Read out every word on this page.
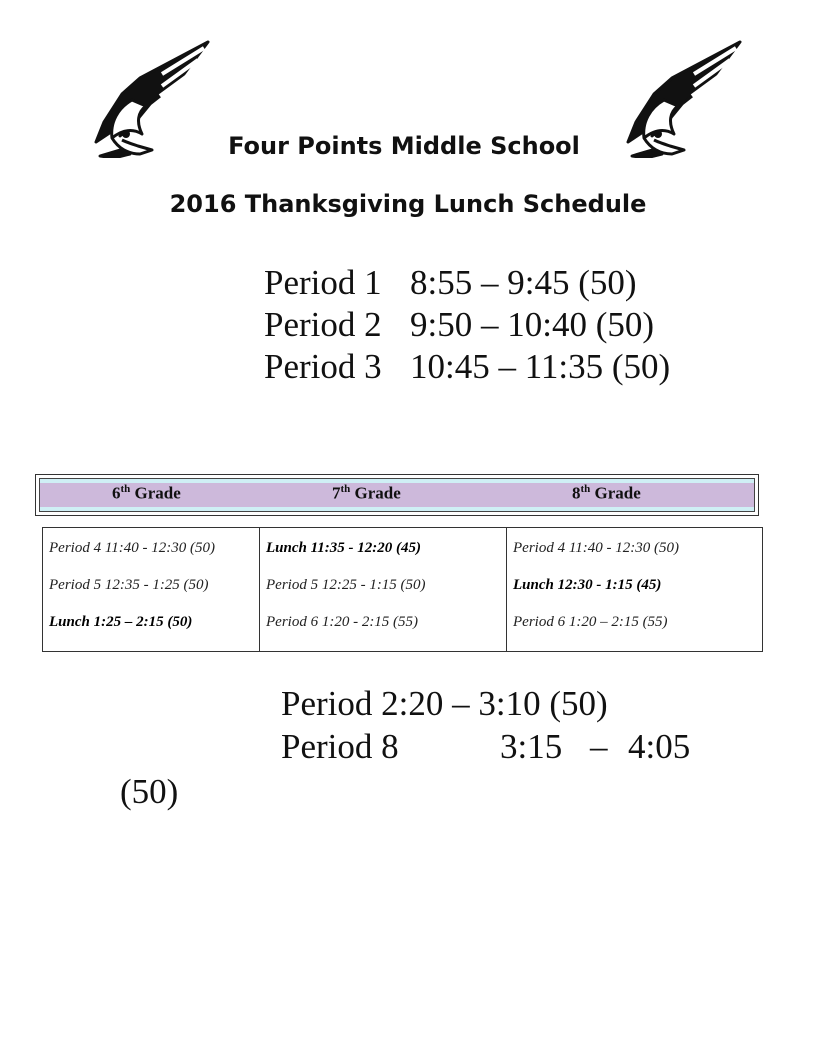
Four Points Middle School
2016 Thanksgiving Lunch Schedule
Period 1 8:55 – 9:45 (50)
Period 2 9:50 – 10:40 (50)
Period 3 10:45 – 11:35 (50)
6th Grade	7th Grade	8th Grade
Period 4 11:40 - 12:30 (50)
Period 5 12:35 - 1:25 (50)
Lunch 1:25 – 2:15 (50)

Lunch 11:35 - 12:20 (45)
Period 5 12:25 - 1:15 (50)
Period 6 1:20 - 2:15 (55)

Period 4 11:40 - 12:30 (50)
Lunch 12:30 - 1:15 (45)
Period 6 1:20 – 2:15 (55)
Period 2:20 – 3:10 (50)
Period 8	3:15 – 4:05
(50)
